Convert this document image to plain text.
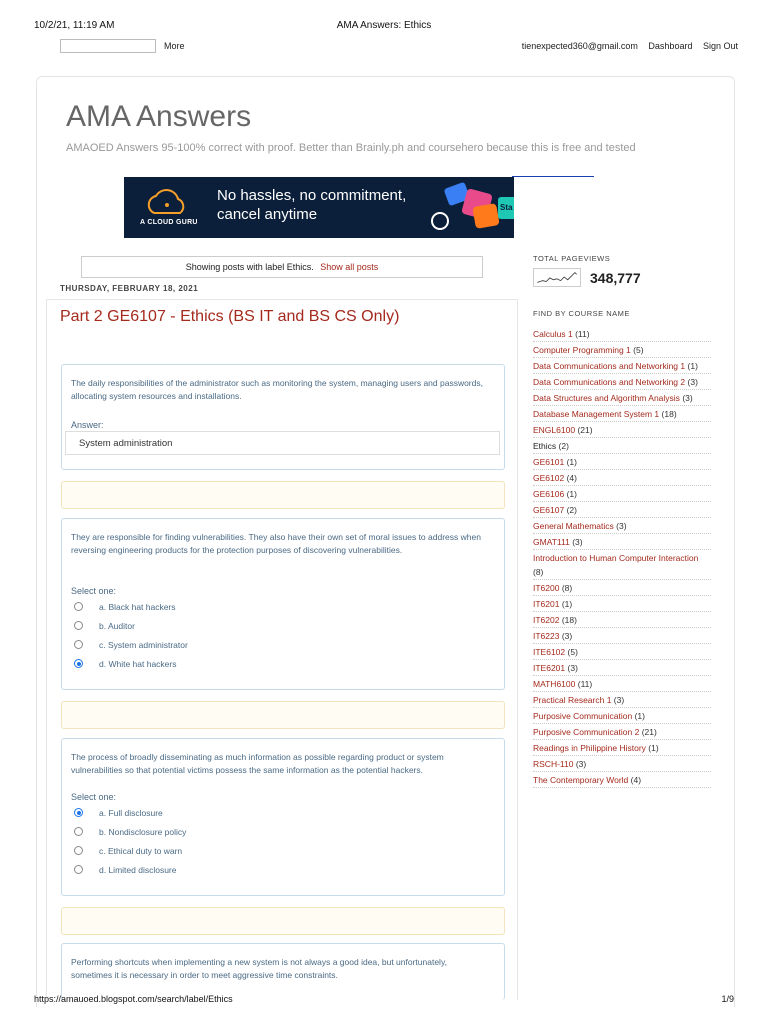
10/2/21, 11:19 AM	AMA Answers: Ethics
More	tienexpected360@gmail.com Dashboard Sign Out
AMA Answers
AMAOED Answers 95-100% correct with proof. Better than Brainly.ph and coursehero because this is free and tested
A CLOUD GURU
No hassles, no commitment,
cancel anytime	Sta
Showing posts with label Ethics. Show all posts
THURSDAY, FEBRUARY 18, 2021
Part 2 GE6107 - Ethics (BS IT and BS CS Only)
The daily responsibilities of the administrator such as monitoring the system, managing users and passwords, allocating system resources and installations.
Answer:
System administration
They are responsible for finding vulnerabilities. They also have their own set of moral issues to address when reversing engineering products for the protection purposes of discovering vulnerabilities.
Select one:
a. Black hat hackers
b. Auditor
c. System administrator
d. White hat hackers
The process of broadly disseminating as much information as possible regarding product or system vulnerabilities so that potential victims possess the same information as the potential hackers.
Select one:
a. Full disclosure
b. Nondisclosure policy
c. Ethical duty to warn
d. Limited disclosure
Performing shortcuts when implementing a new system is not always a good idea, but unfortunately, sometimes it is necessary in order to meet aggressive time constraints.
TOTAL PAGEVIEWS
348,777
FIND BY COURSE NAME
Calculus 1 (11)
Computer Programming 1 (5)
Data Communications and Networking 1 (1)
Data Communications and Networking 2 (3)
Data Structures and Algorithm Analysis (3)
Database Management System 1 (18)
ENGL6100 (21)
Ethics (2)
GE6101 (1)
GE6102 (4)
GE6106 (1)
GE6107 (2)
General Mathematics (3)
GMAT111 (3)
Introduction to Human Computer Interaction (8)
IT6200 (8)
IT6201 (1)
IT6202 (18)
IT6223 (3)
ITE6102 (5)
ITE6201 (3)
MATH6100 (11)
Practical Research 1 (3)
Purposive Communication (1)
Purposive Communication 2 (21)
Readings in Philippine History (1)
RSCH-110 (3)
The Contemporary World (4)
https://amauoed.blogspot.com/search/label/Ethics	1/9
